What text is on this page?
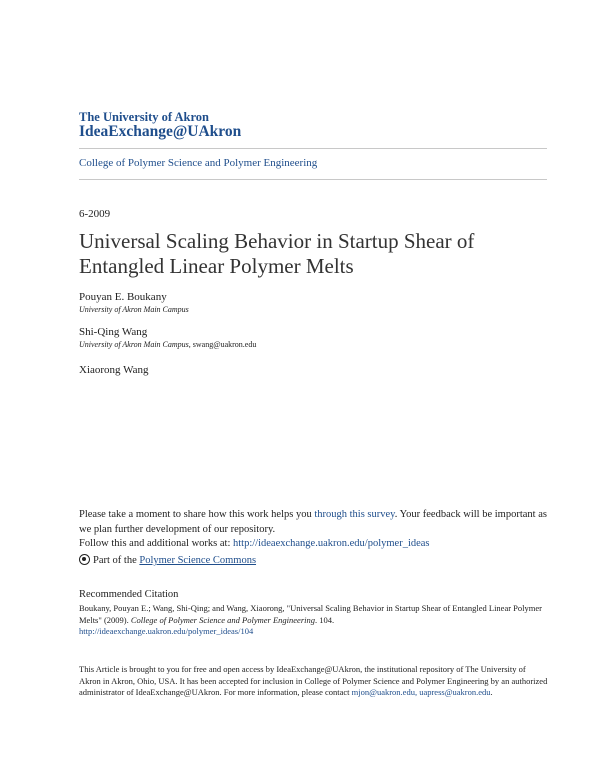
The University of Akron
IdeaExchange@UAkron
College of Polymer Science and Polymer Engineering
6-2009
Universal Scaling Behavior in Startup Shear of Entangled Linear Polymer Melts
Pouyan E. Boukany
University of Akron Main Campus
Shi-Qing Wang
University of Akron Main Campus, swang@uakron.edu
Xiaorong Wang
Please take a moment to share how this work helps you through this survey. Your feedback will be important as we plan further development of our repository.
Follow this and additional works at: http://ideaexchange.uakron.edu/polymer_ideas
Part of the Polymer Science Commons
Recommended Citation
Boukany, Pouyan E.; Wang, Shi-Qing; and Wang, Xiaorong, "Universal Scaling Behavior in Startup Shear of Entangled Linear Polymer Melts" (2009). College of Polymer Science and Polymer Engineering. 104.
http://ideaexchange.uakron.edu/polymer_ideas/104
This Article is brought to you for free and open access by IdeaExchange@UAkron, the institutional repository of The University of Akron in Akron, Ohio, USA. It has been accepted for inclusion in College of Polymer Science and Polymer Engineering by an authorized administrator of IdeaExchange@UAkron. For more information, please contact mjon@uakron.edu, uapress@uakron.edu.
